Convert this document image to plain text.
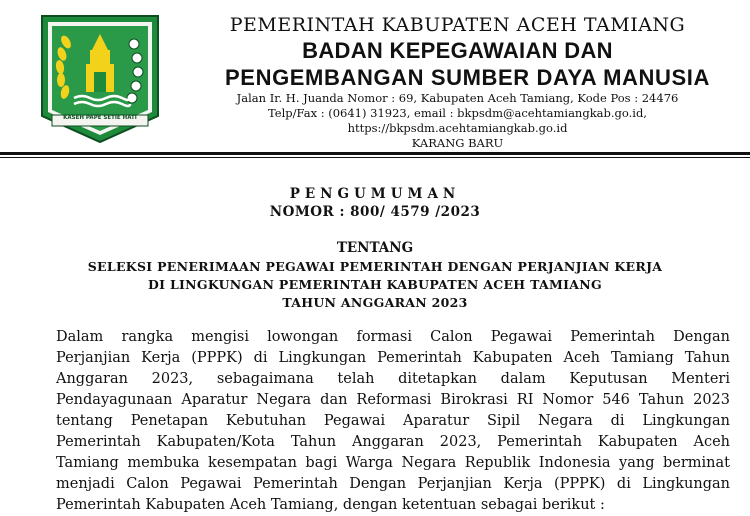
KASEH PAPE SETIE HATI
PEMERINTAH KABUPATEN ACEH TAMIANG
BADAN KEPEGAWAIAN DAN
PENGEMBANGAN SUMBER DAYA MANUSIA
Jalan Ir. H. Juanda Nomor : 69, Kabupaten Aceh Tamiang, Kode Pos : 24476
Telp/Fax : (0641) 31923, email : bkpsdm@acehtamiangkab.go.id,
https://bkpsdm.acehtamiangkab.go.id
KARANG BARU
PENGUMUMAN
NOMOR : 800/ 4579 /2023
TENTANG
SELEKSI PENERIMAAN PEGAWAI PEMERINTAH DENGAN PERJANJIAN KERJA
DI LINGKUNGAN PEMERINTAH KABUPATEN ACEH TAMIANG
TAHUN ANGGARAN 2023
Dalam rangka mengisi lowongan formasi Calon Pegawai Pemerintah Dengan
Perjanjian Kerja (PPPK) di Lingkungan Pemerintah Kabupaten Aceh Tamiang Tahun
Anggaran 2023, sebagaimana telah ditetapkan dalam Keputusan Menteri
Pendayagunaan Aparatur Negara dan Reformasi Birokrasi RI Nomor 546 Tahun 2023
tentang Penetapan Kebutuhan Pegawai Aparatur Sipil Negara di Lingkungan
Pemerintah Kabupaten/Kota Tahun Anggaran 2023, Pemerintah Kabupaten Aceh
Tamiang membuka kesempatan bagi Warga Negara Republik Indonesia yang berminat
menjadi Calon Pegawai Pemerintah Dengan Perjanjian Kerja (PPPK) di Lingkungan
Pemerintah Kabupaten Aceh Tamiang, dengan ketentuan sebagai berikut :
